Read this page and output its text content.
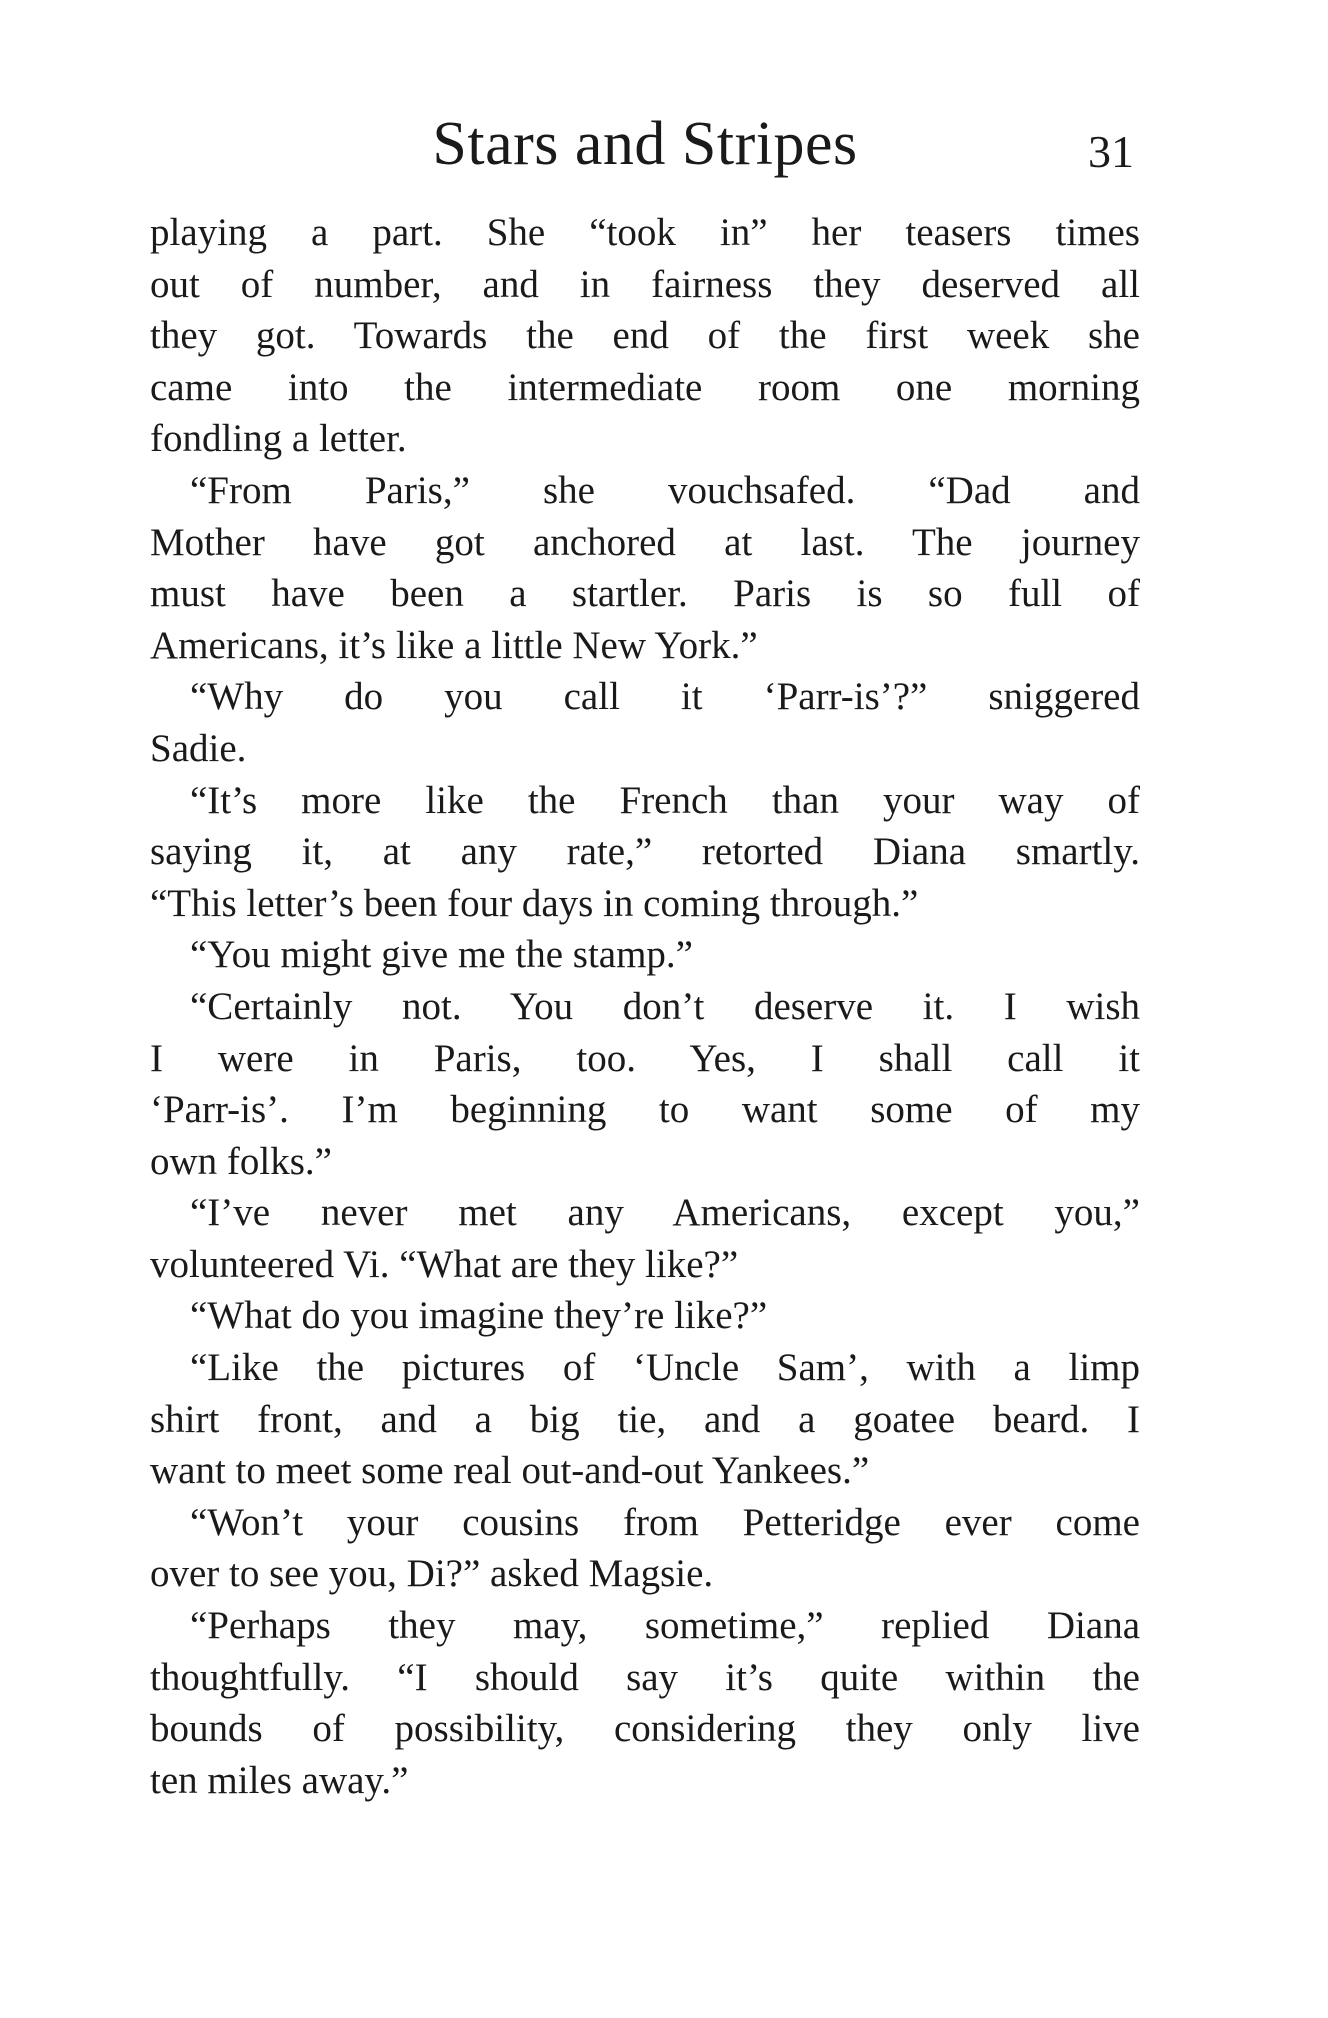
Stars and Stripes	31
playing a part. She “took in” her teasers times
out of number, and in fairness they deserved all
they got. Towards the end of the first week she
came into the intermediate room one morning
fondling a letter.
“From Paris,” she vouchsafed. “Dad and
Mother have got anchored at last. The journey
must have been a startler. Paris is so full of
Americans, it’s like a little New York.”
“Why do you call it ‘Parr-is’?” sniggered
Sadie.
“It’s more like the French than your way of
saying it, at any rate,” retorted Diana smartly.
“This letter’s been four days in coming through.”
“You might give me the stamp.”
“Certainly not. You don’t deserve it. I wish
I were in Paris, too. Yes, I shall call it
‘Parr-is’. I’m beginning to want some of my
own folks.”
“I’ve never met any Americans, except you,”
volunteered Vi. “What are they like?”
“What do you imagine they’re like?”
“Like the pictures of ‘Uncle Sam’, with a limp
shirt front, and a big tie, and a goatee beard. I
want to meet some real out-and-out Yankees.”
“Won’t your cousins from Petteridge ever come
over to see you, Di?” asked Magsie.
“Perhaps they may, sometime,” replied Diana
thoughtfully. “I should say it’s quite within the
bounds of possibility, considering they only live
ten miles away.”
